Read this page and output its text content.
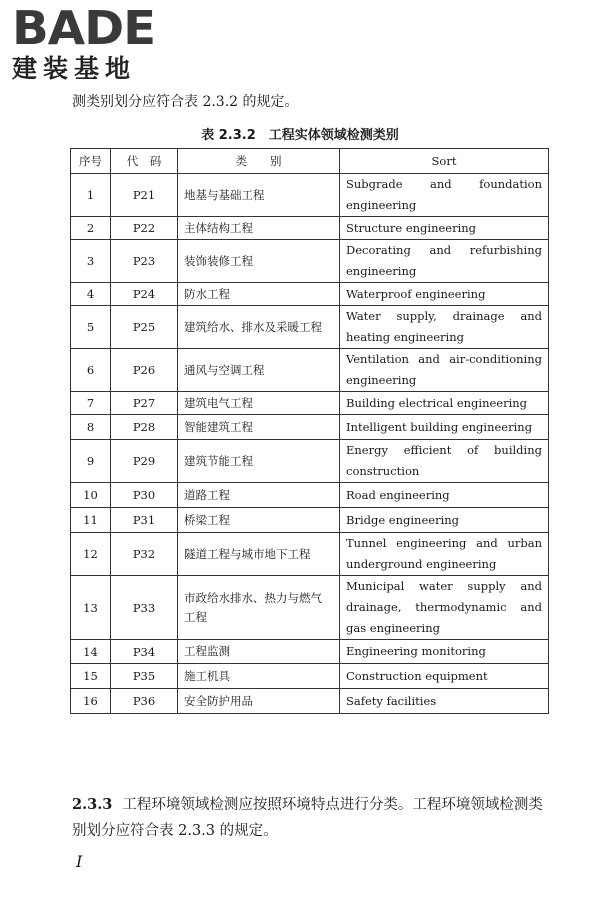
BADE
建装基地
测类别划分应符合表 2.3.2 的规定。
表 2.3.2　工程实体领域检测类别
序号	代　码	类　　别	Sort
1	P21	地基与基础工程	Subgrade and foundation engineering
2	P22	主体结构工程	Structure engineering
3	P23	装饰装修工程	Decorating and refurbishing engineering
4	P24	防水工程	Waterproof engineering
5	P25	建筑给水、排水及采暖工程	Water supply, drainage and heating engineering
6	P26	通风与空调工程	Ventilation and air-conditioning engineering
7	P27	建筑电气工程	Building electrical engineering
8	P28	智能建筑工程	Intelligent building engineering
9	P29	建筑节能工程	Energy efficient of building construction
10	P30	道路工程	Road engineering
11	P31	桥梁工程	Bridge engineering
12	P32	隧道工程与城市地下工程	Tunnel engineering and urban underground engineering
13	P33	市政给水排水、热力与燃气工程	Municipal water supply and drainage, thermodynamic and gas engineering
14	P34	工程监测	Engineering monitoring
15	P35	施工机具	Construction equipment
16	P36	安全防护用品	Safety facilities
2.3.3 工程环境领域检测应按照环境特点进行分类。工程环境领域检测类别划分应符合表 2.3.3 的规定。
I
